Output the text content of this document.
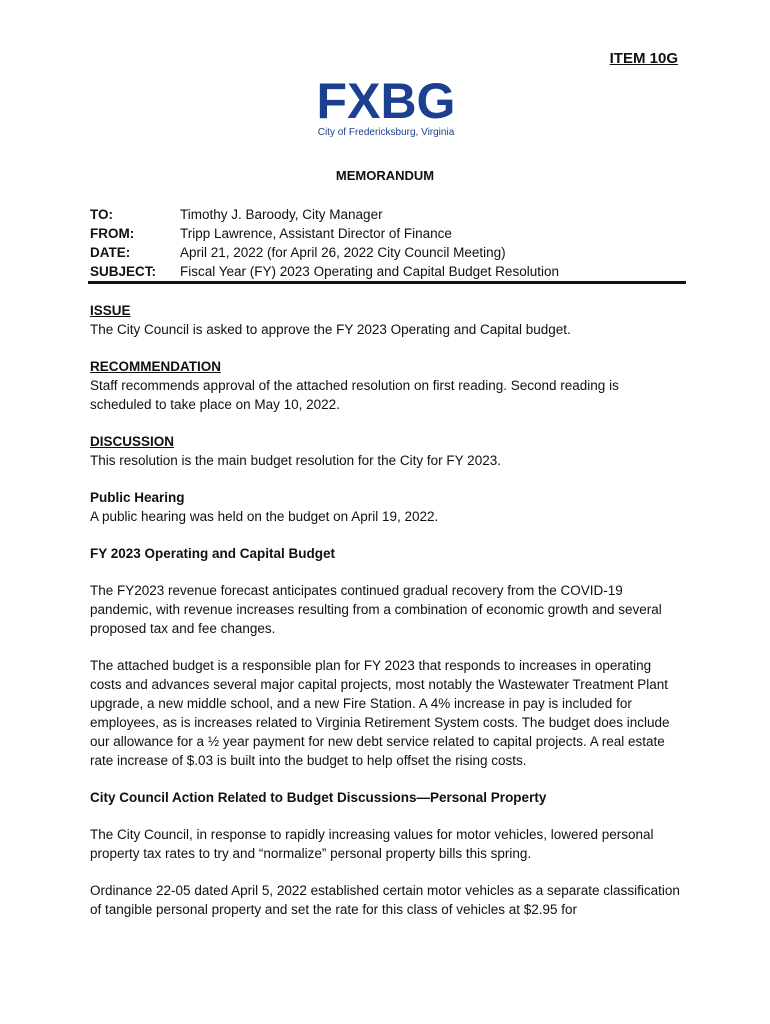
ITEM 10G
FXBG
City of Fredericksburg, Virginia
MEMORANDUM
TO:	Timothy J. Baroody, City Manager
FROM:	Tripp Lawrence, Assistant Director of Finance
DATE:	April 21, 2022 (for April 26, 2022 City Council Meeting)
SUBJECT:	Fiscal Year (FY) 2023 Operating and Capital Budget Resolution
ISSUE
The City Council is asked to approve the FY 2023 Operating and Capital budget.
RECOMMENDATION
Staff recommends approval of the attached resolution on first reading. Second reading is scheduled to take place on May 10, 2022.
DISCUSSION
This resolution is the main budget resolution for the City for FY 2023.
Public Hearing
A public hearing was held on the budget on April 19, 2022.
FY 2023 Operating and Capital Budget

The FY2023 revenue forecast anticipates continued gradual recovery from the COVID-19 pandemic, with revenue increases resulting from a combination of economic growth and several proposed tax and fee changes.

The attached budget is a responsible plan for FY 2023 that responds to increases in operating costs and advances several major capital projects, most notably the Wastewater Treatment Plant upgrade, a new middle school, and a new Fire Station. A 4% increase in pay is included for employees, as is increases related to Virginia Retirement System costs. The budget does include our allowance for a ½ year payment for new debt service related to capital projects. A real estate rate increase of $.03 is built into the budget to help offset the rising costs.

City Council Action Related to Budget Discussions—Personal Property

The City Council, in response to rapidly increasing values for motor vehicles, lowered personal property tax rates to try and “normalize” personal property bills this spring.

Ordinance 22-05 dated April 5, 2022 established certain motor vehicles as a separate classification of tangible personal property and set the rate for this class of vehicles at $2.95 for
